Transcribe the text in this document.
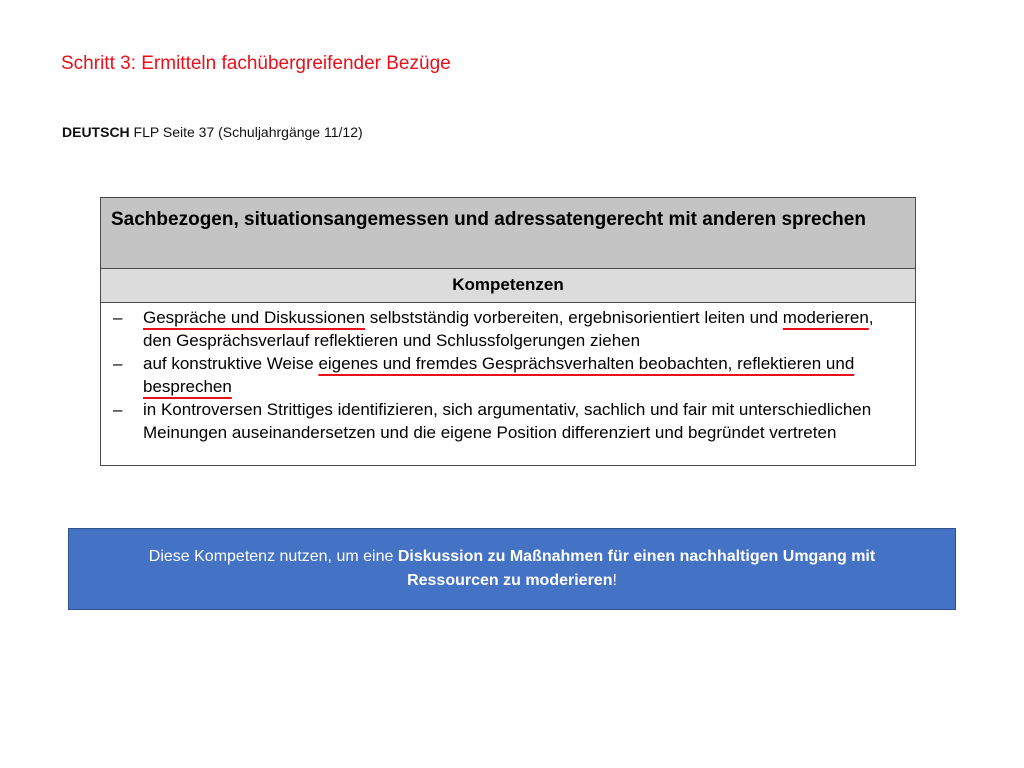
Schritt 3: Ermitteln fachübergreifender Bezüge
DEUTSCH FLP Seite 37 (Schuljahrgänge 11/12)
Sachbezogen, situationsangemessen und adressatengerecht mit anderen sprechen
Kompetenzen
– Gespräche und Diskussionen selbstständig vorbereiten, ergebnisorientiert leiten und moderieren, den Gesprächsverlauf reflektieren und Schlussfolgerungen ziehen
– auf konstruktive Weise eigenes und fremdes Gesprächsverhalten beobachten, reflektieren und besprechen
– in Kontroversen Strittiges identifizieren, sich argumentativ, sachlich und fair mit unterschiedlichen Meinungen auseinandersetzen und die eigene Position differenziert und begründet vertreten
Diese Kompetenz nutzen, um eine Diskussion zu Maßnahmen für einen nachhaltigen Umgang mit Ressourcen zu moderieren!
